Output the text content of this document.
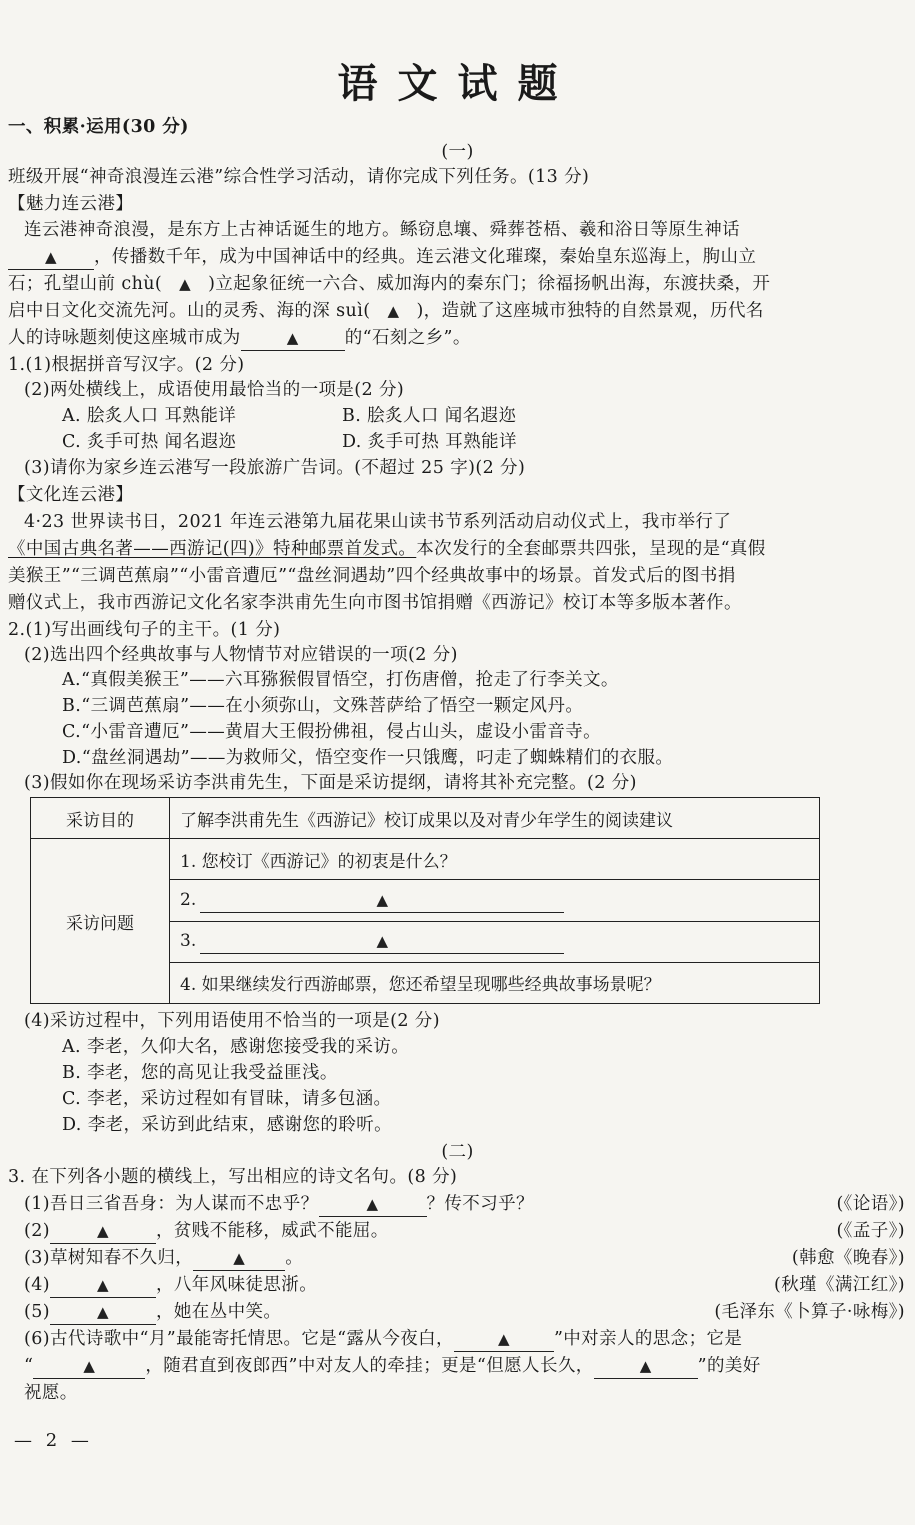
语文试题
一、积累·运用(30 分)
(一)
班级开展“神奇浪漫连云港”综合性学习活动，请你完成下列任务。(13 分)
【魅力连云港】
连云港神奇浪漫，是东方上古神话诞生的地方。鲧窃息壤、舜葬苍梧、羲和浴日等原生神话
▲ ，传播数千年，成为中国神话中的经典。连云港文化璀璨，秦始皇东巡海上，朐山立
石；孔望山前 chù( ▲ )立起象征统一六合、威加海内的秦东门；徐福扬帆出海，东渡扶桑，开
启中日文化交流先河。山的灵秀、海的深 suì( ▲ )，造就了这座城市独特的自然景观，历代名
人的诗咏题刻使这座城市成为	▲	的“石刻之乡”。
1.(1)根据拼音写汉字。(2 分)
(2)两处横线上，成语使用最恰当的一项是(2 分)
A. 脍炙人口 耳熟能详	B. 脍炙人口 闻名遐迩
C. 炙手可热 闻名遐迩	D. 炙手可热 耳熟能详
(3)请你为家乡连云港写一段旅游广告词。(不超过 25 字)(2 分)
【文化连云港】
4·23 世界读书日，2021 年连云港第九届花果山读书节系列活动启动仪式上，我市举行了
《中国古典名著——西游记(四)》特种邮票首发式。本次发行的全套邮票共四张，呈现的是“真假
美猴王”“三调芭蕉扇”“小雷音遭厄”“盘丝洞遇劫”四个经典故事中的场景。首发式后的图书捐
赠仪式上，我市西游记文化名家李洪甫先生向市图书馆捐赠《西游记》校订本等多版本著作。
2.(1)写出画线句子的主干。(1 分)
(2)选出四个经典故事与人物情节对应错误的一项(2 分)
A.“真假美猴王”——六耳猕猴假冒悟空，打伤唐僧，抢走了行李关文。
B.“三调芭蕉扇”——在小须弥山，文殊菩萨给了悟空一颗定风丹。
C.“小雷音遭厄”——黄眉大王假扮佛祖，侵占山头，虚设小雷音寺。
D.“盘丝洞遇劫”——为救师父，悟空变作一只饿鹰，叼走了蜘蛛精们的衣服。
(3)假如你在现场采访李洪甫先生，下面是采访提纲，请将其补充完整。(2 分)
采访目的	了解李洪甫先生《西游记》校订成果以及对青少年学生的阅读建议
采访问题	1. 您校订《西游记》的初衷是什么？
	2. ▲
	3. ▲
	4. 如果继续发行西游邮票，您还希望呈现哪些经典故事场景呢？
(4)采访过程中，下列用语使用不恰当的一项是(2 分)
A. 李老，久仰大名，感谢您接受我的采访。
B. 李老，您的高见让我受益匪浅。
C. 李老，采访过程如有冒昧，请多包涵。
D. 李老，采访到此结束，感谢您的聆听。
(二)
3. 在下列各小题的横线上，写出相应的诗文名句。(8 分)
(1)吾日三省吾身：为人谋而不忠乎？	▲	？传不习乎？	(《论语》)
(2)	▲	，贫贱不能移，威武不能屈。	(《孟子》)
(3)草树知春不久归，	▲ 。	(韩愈《晚春》)
(4)	▲	，八年风味徒思浙。	(秋瑾《满江红》)
(5)	▲	，她在丛中笑。	(毛泽东《卜算子·咏梅》)
(6)古代诗歌中“月”最能寄托情思。它是“露从今夜白，	▲	”中对亲人的思念；它是
“	▲	，随君直到夜郎西”中对友人的牵挂；更是“但愿人长久，	▲	”的美好
祝愿。
— 2 —
